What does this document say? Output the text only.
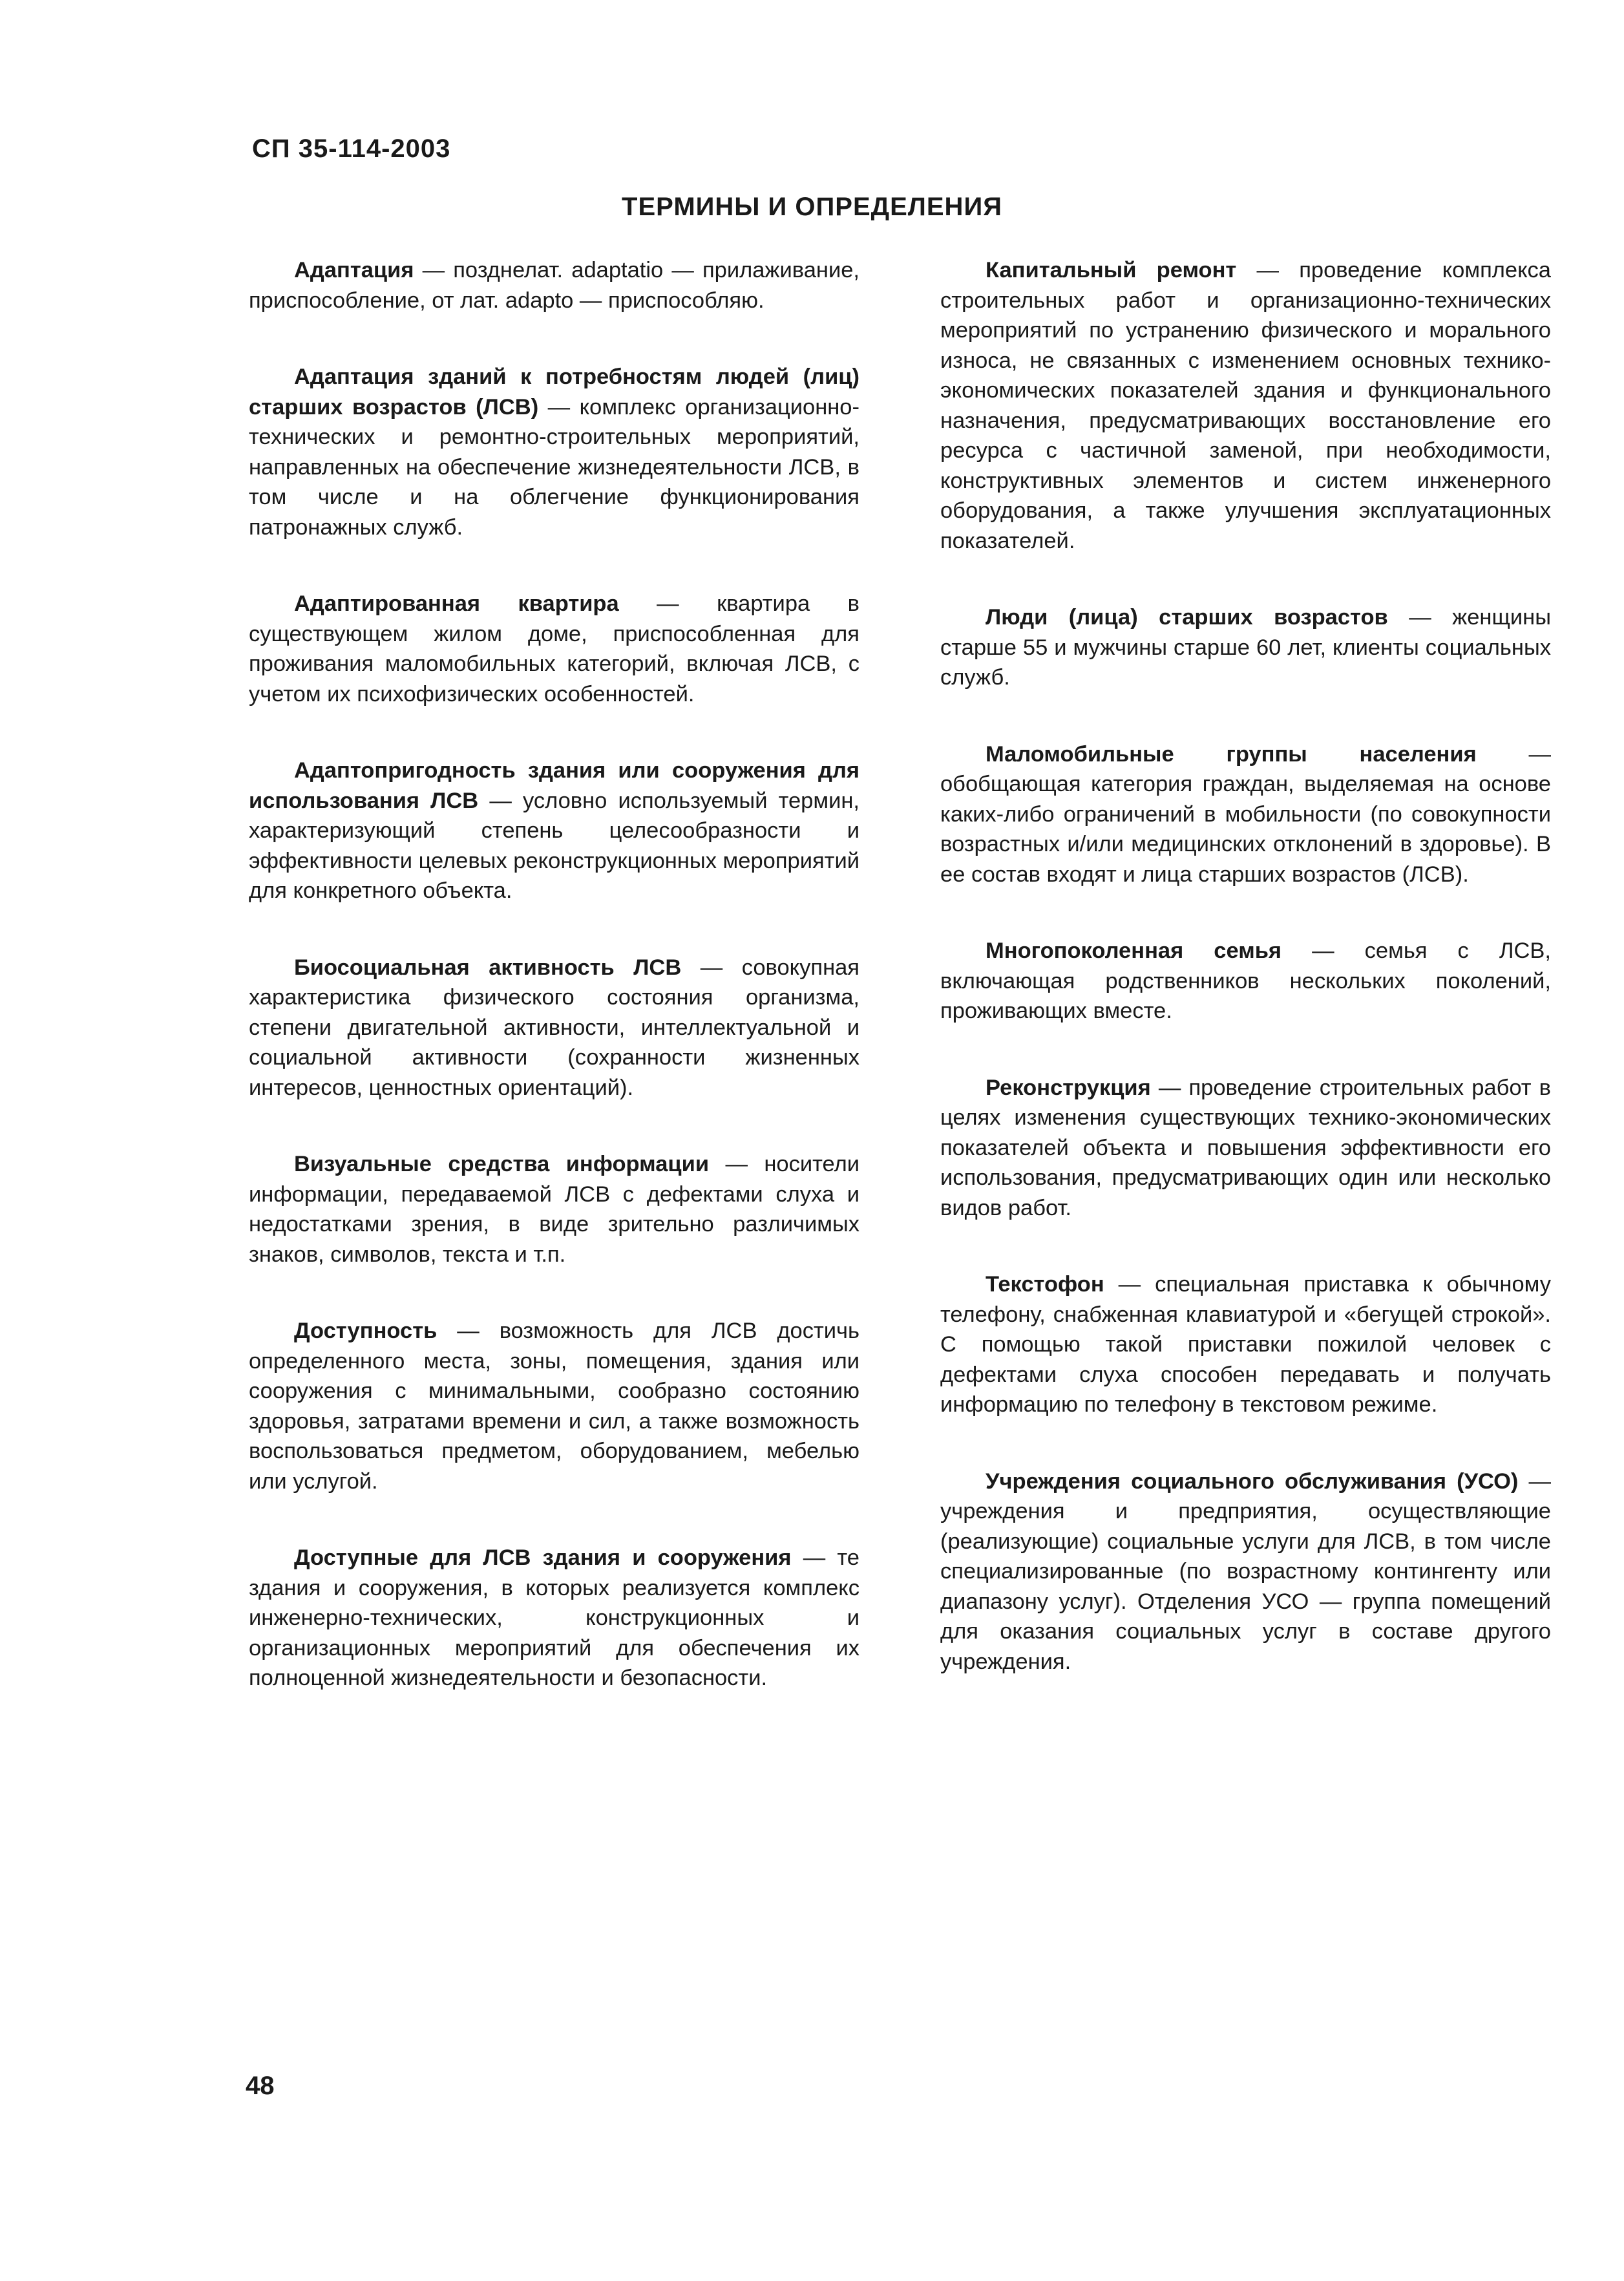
СП 35-114-2003

ТЕРМИНЫ И ОПРЕДЕЛЕНИЯ

Адаптация — позднелат. adaptatio — прилаживание, приспособление, от лат. adapto — приспособляю.

Адаптация зданий к потребностям людей (лиц) старших возрастов (ЛСВ) — комплекс организационно-технических и ремонтно-строительных мероприятий, направленных на обеспечение жизнедеятельности ЛСВ, в том числе и на облегчение функционирования патронажных служб.

Адаптированная квартира — квартира в существующем жилом доме, приспособленная для проживания маломобильных категорий, включая ЛСВ, с учетом их психофизических особенностей.

Адаптопригодность здания или сооружения для использования ЛСВ — условно используемый термин, характеризующий степень целесообразности и эффективности целевых реконструкционных мероприятий для конкретного объекта.

Биосоциальная активность ЛСВ — совокупная характеристика физического состояния организма, степени двигательной активности, интеллектуальной и социальной активности (сохранности жизненных интересов, ценностных ориентаций).

Визуальные средства информации — носители информации, передаваемой ЛСВ с дефектами слуха и недостатками зрения, в виде зрительно различимых знаков, символов, текста и т.п.

Доступность — возможность для ЛСВ достичь определенного места, зоны, помещения, здания или сооружения с минимальными, сообразно состоянию здоровья, затратами времени и сил, а также возможность воспользоваться предметом, оборудованием, мебелью или услугой.

Доступные для ЛСВ здания и сооружения — те здания и сооружения, в которых реализуется комплекс инженерно-технических, конструкционных и организационных мероприятий для обеспечения их полноценной жизнедеятельности и безопасности.

Капитальный ремонт — проведение комплекса строительных работ и организационно-технических мероприятий по устранению физического и морального износа, не связанных с изменением основных технико-экономических показателей здания и функционального назначения, предусматривающих восстановление его ресурса с частичной заменой, при необходимости, конструктивных элементов и систем инженерного оборудования, а также улучшения эксплуатационных показателей.

Люди (лица) старших возрастов — женщины старше 55 и мужчины старше 60 лет, клиенты социальных служб.

Маломобильные группы населения — обобщающая категория граждан, выделяемая на основе каких-либо ограничений в мобильности (по совокупности возрастных и/или медицинских отклонений в здоровье). В ее состав входят и лица старших возрастов (ЛСВ).

Многопоколенная семья — семья с ЛСВ, включающая родственников нескольких поколений, проживающих вместе.

Реконструкция — проведение строительных работ в целях изменения существующих технико-экономических показателей объекта и повышения эффективности его использования, предусматривающих один или несколько видов работ.

Текстофон — специальная приставка к обычному телефону, снабженная клавиатурой и «бегущей строкой». С помощью такой приставки пожилой человек с дефектами слуха способен передавать и получать информацию по телефону в текстовом режиме.

Учреждения социального обслуживания (УСО) — учреждения и предприятия, осуществляющие (реализующие) социальные услуги для ЛСВ, в том числе специализированные (по возрастному контингенту или диапазону услуг). Отделения УСО — группа помещений для оказания социальных услуг в составе другого учреждения.

48
